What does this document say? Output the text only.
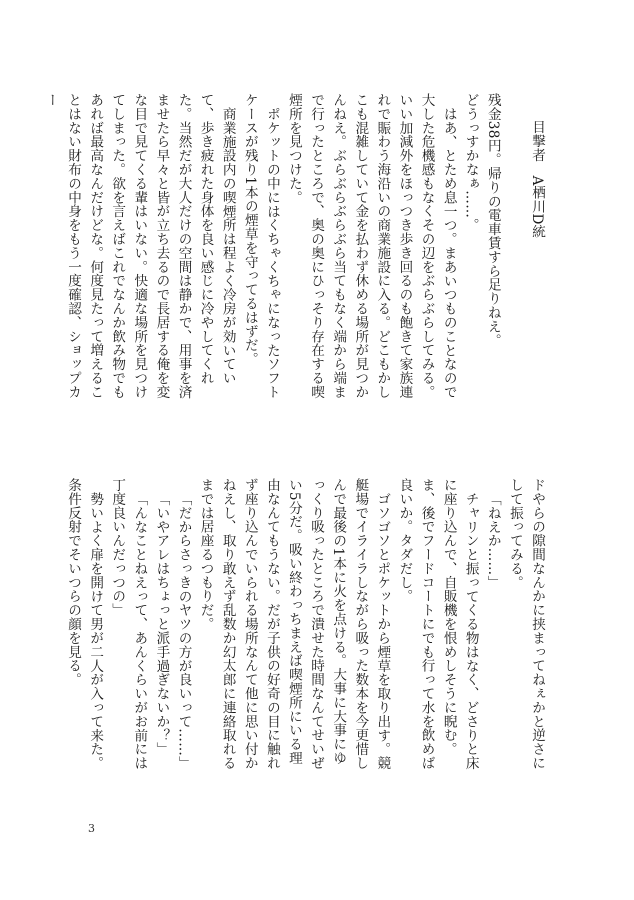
目撃者　A栖川D統

残金38円。帰りの電車賃すら足りねえ。

どうっすかなぁ……。

はあ、とため息一つ。まあいつものことなので大した危機感もなくその辺をぶらぶらしてみる。いい加減外をほっつき歩き回るのも飽きて家族連れで賑わう海沿いの商業施設に入る。どこもかしこも混雑していて金を払わず休める場所が見つかんねえ。ぶらぶらぶらぶら当てもなく端から端まで行ったところで、奥の奥にひっそり存在する喫煙所を見つけた。

ポケットの中にはくちゃくちゃになったソフトケースが残り1本の煙草を守ってるはずだ。

商業施設内の喫煙所は程よく冷房が効いていて、歩き疲れた身体を良い感じに冷やしてくれた。当然だが大人だけの空間は静かで、用事を済ませたら早々と皆が立ち去るので長居する俺を変な目で見てくる輩はいない。快適な場所を見つけてしまった。欲を言えばこれでなんか飲み物でもあれば最高なんだけどな。何度見たって増えることはない財布の中身をもう一度確認、ショップカー

ドやらの隙間なんかに挟まってねぇかと逆さにして振ってみる。

「ねえか……」

チャリンと振ってくる物はなく、どさりと床に座り込んで、自販機を恨めしそうに睨む。ま、後でフードコートにでも行って水を飲めば良いか。タダだし。

ゴソゴソとポケットから煙草を取り出す。競艇場でイライラしながら吸った数本を今更惜しんで最後の1本に火を点ける。大事に大事にゆっくり吸ったところで潰せた時間なんてせいぜい5分だ。吸い終わっちまえば喫煙所にいる理由なんてもうない。だが子供の好奇の目に触れず座り込んでいられる場所なんて他に思い付かねえし、取り敢えず乱数か幻太郎に連絡取れるまでは居座るつもりだ。

「だからさっきのヤツの方が良いって……」

「いやアレはちょっと派手過ぎないか？」

「んなことねえって、あんくらいがお前には丁度良いんだっつの」

勢いよく扉を開けて男が二人が入って来た。条件反射でそいつらの顔を見る。

3
